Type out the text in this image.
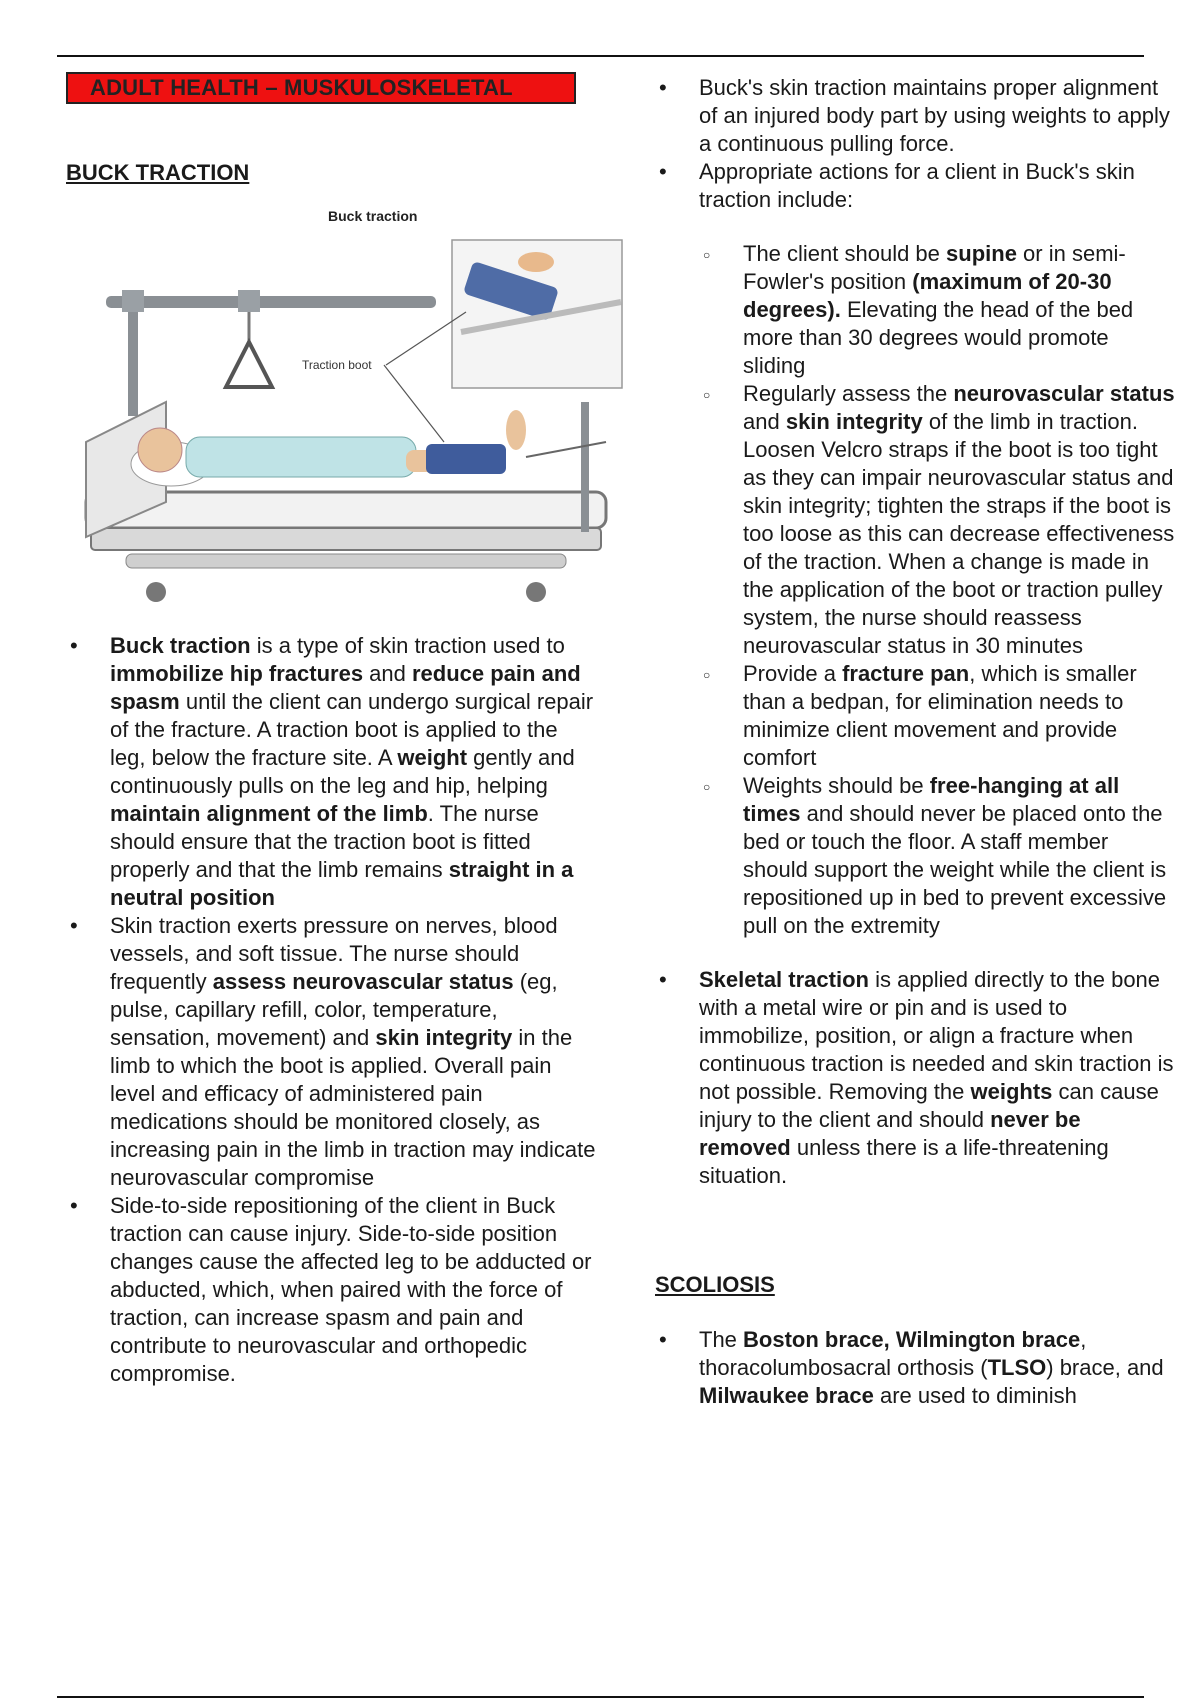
ADULT HEALTH – MUSKULOSKELETAL
BUCK TRACTION
Buck traction
Traction boot
• Buck traction is a type of skin traction used to immobilize hip fractures and reduce pain and spasm until the client can undergo surgical repair of the fracture. A traction boot is applied to the leg, below the fracture site. A weight gently and continuously pulls on the leg and hip, helping maintain alignment of the limb. The nurse should ensure that the traction boot is fitted properly and that the limb remains straight in a neutral position
• Skin traction exerts pressure on nerves, blood vessels, and soft tissue. The nurse should frequently assess neurovascular status (eg, pulse, capillary refill, color, temperature, sensation, movement) and skin integrity in the limb to which the boot is applied. Overall pain level and efficacy of administered pain medications should be monitored closely, as increasing pain in the limb in traction may indicate neurovascular compromise
• Side-to-side repositioning of the client in Buck traction can cause injury. Side-to-side position changes cause the affected leg to be adducted or abducted, which, when paired with the force of traction, can increase spasm and pain and contribute to neurovascular and orthopedic compromise.
• Buck's skin traction maintains proper alignment of an injured body part by using weights to apply a continuous pulling force.
• Appropriate actions for a client in Buck's skin traction include:
○ The client should be supine or in semi-Fowler's position (maximum of 20-30 degrees). Elevating the head of the bed more than 30 degrees would promote sliding
○ Regularly assess the neurovascular status and skin integrity of the limb in traction. Loosen Velcro straps if the boot is too tight as they can impair neurovascular status and skin integrity; tighten the straps if the boot is too loose as this can decrease effectiveness of the traction. When a change is made in the application of the boot or traction pulley system, the nurse should reassess neurovascular status in 30 minutes
○ Provide a fracture pan, which is smaller than a bedpan, for elimination needs to minimize client movement and provide comfort
○ Weights should be free-hanging at all times and should never be placed onto the bed or touch the floor. A staff member should support the weight while the client is repositioned up in bed to prevent excessive pull on the extremity
• Skeletal traction is applied directly to the bone with a metal wire or pin and is used to immobilize, position, or align a fracture when continuous traction is needed and skin traction is not possible. Removing the weights can cause injury to the client and should never be removed unless there is a life-threatening situation.
SCOLIOSIS
• The Boston brace, Wilmington brace, thoracolumbosacral orthosis (TLSO) brace, and Milwaukee brace are used to diminish
